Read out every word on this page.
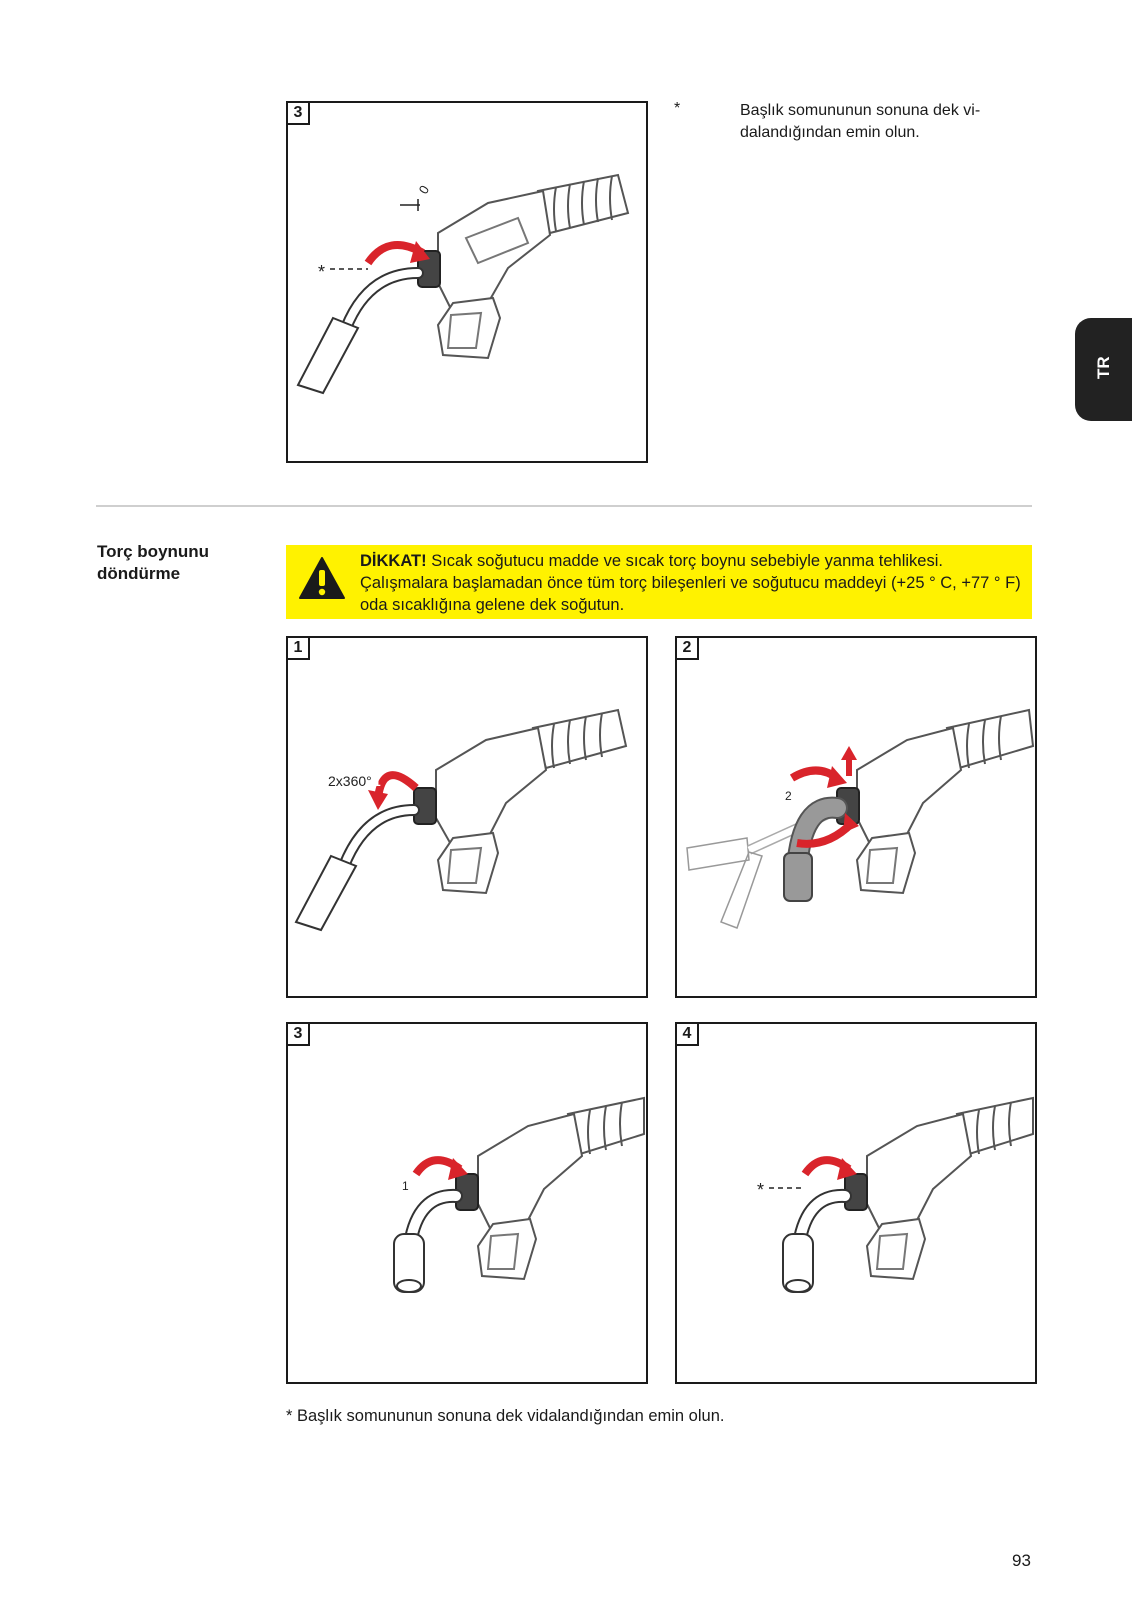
TR
3
0
*
*	Başlık somununun sonuna dek vi-dalandığından emin olun.
Torç boynunu döndürme
DİKKAT! Sıcak soğutucu madde ve sıcak torç boynu sebebiyle yanma tehlikesi. Çalışmalara başlamadan önce tüm torç bileşenleri ve soğutucu maddeyi (+25 ° C, +77 ° F) oda sıcaklığına gelene dek soğutun.
1
1
2x360°
2
2
3
1
4
*
* Başlık somununun sonuna dek vidalandığından emin olun.
93
